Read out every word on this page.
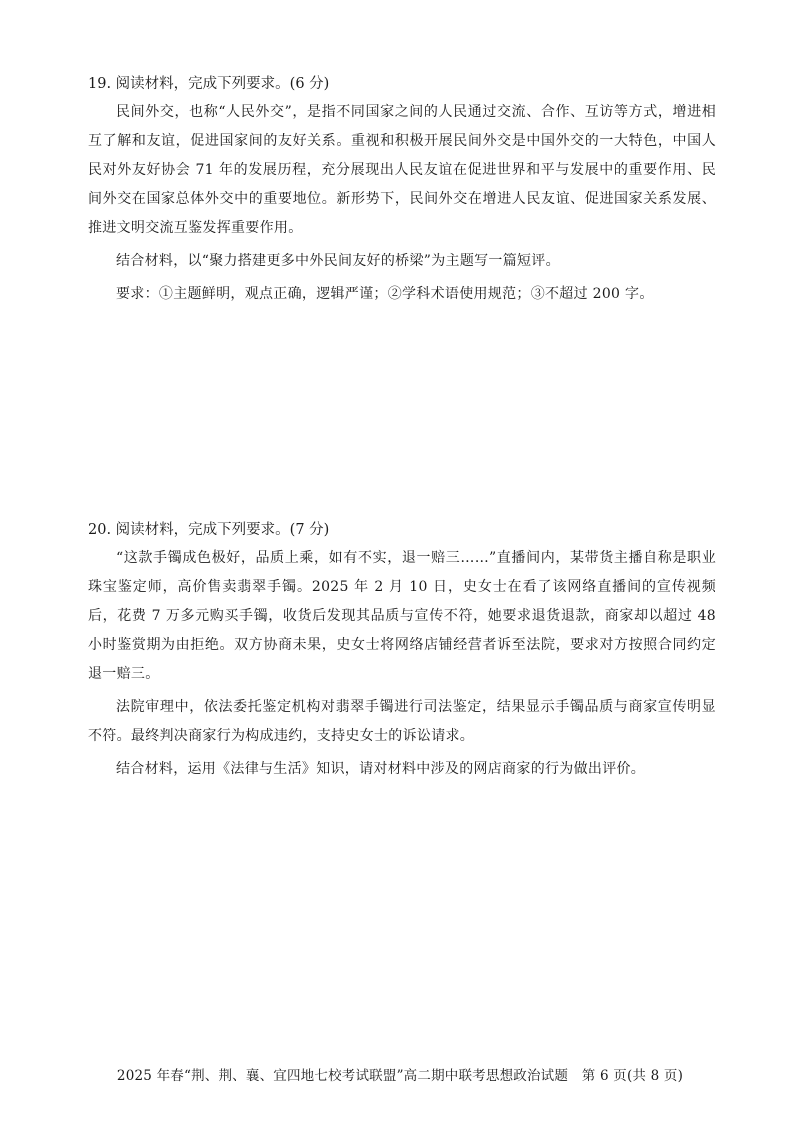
19. 阅读材料，完成下列要求。(6 分)

民间外交，也称“人民外交”，是指不同国家之间的人民通过交流、合作、互访等方式，增进相互了解和友谊，促进国家间的友好关系。重视和积极开展民间外交是中国外交的一大特色，中国人民对外友好协会 71 年的发展历程，充分展现出人民友谊在促进世界和平与发展中的重要作用、民间外交在国家总体外交中的重要地位。新形势下，民间外交在增进人民友谊、促进国家关系发展、推进文明交流互鉴发挥重要作用。

结合材料，以“聚力搭建更多中外民间友好的桥梁”为主题写一篇短评。

要求：①主题鲜明，观点正确，逻辑严谨；②学科术语使用规范；③不超过 200 字。

20. 阅读材料，完成下列要求。(7 分)

“这款手镯成色极好，品质上乘，如有不实，退一赔三……”直播间内，某带货主播自称是职业珠宝鉴定师，高价售卖翡翠手镯。2025 年 2 月 10 日，史女士在看了该网络直播间的宣传视频后，花费 7 万多元购买手镯，收货后发现其品质与宣传不符，她要求退货退款，商家却以超过 48 小时鉴赏期为由拒绝。双方协商未果，史女士将网络店铺经营者诉至法院，要求对方按照合同约定退一赔三。

法院审理中，依法委托鉴定机构对翡翠手镯进行司法鉴定，结果显示手镯品质与商家宣传明显不符。最终判决商家行为构成违约，支持史女士的诉讼请求。

结合材料，运用《法律与生活》知识，请对材料中涉及的网店商家的行为做出评价。

2025 年春“荆、荆、襄、宜四地七校考试联盟”高二期中联考思想政治试题　第 6 页(共 8 页)
